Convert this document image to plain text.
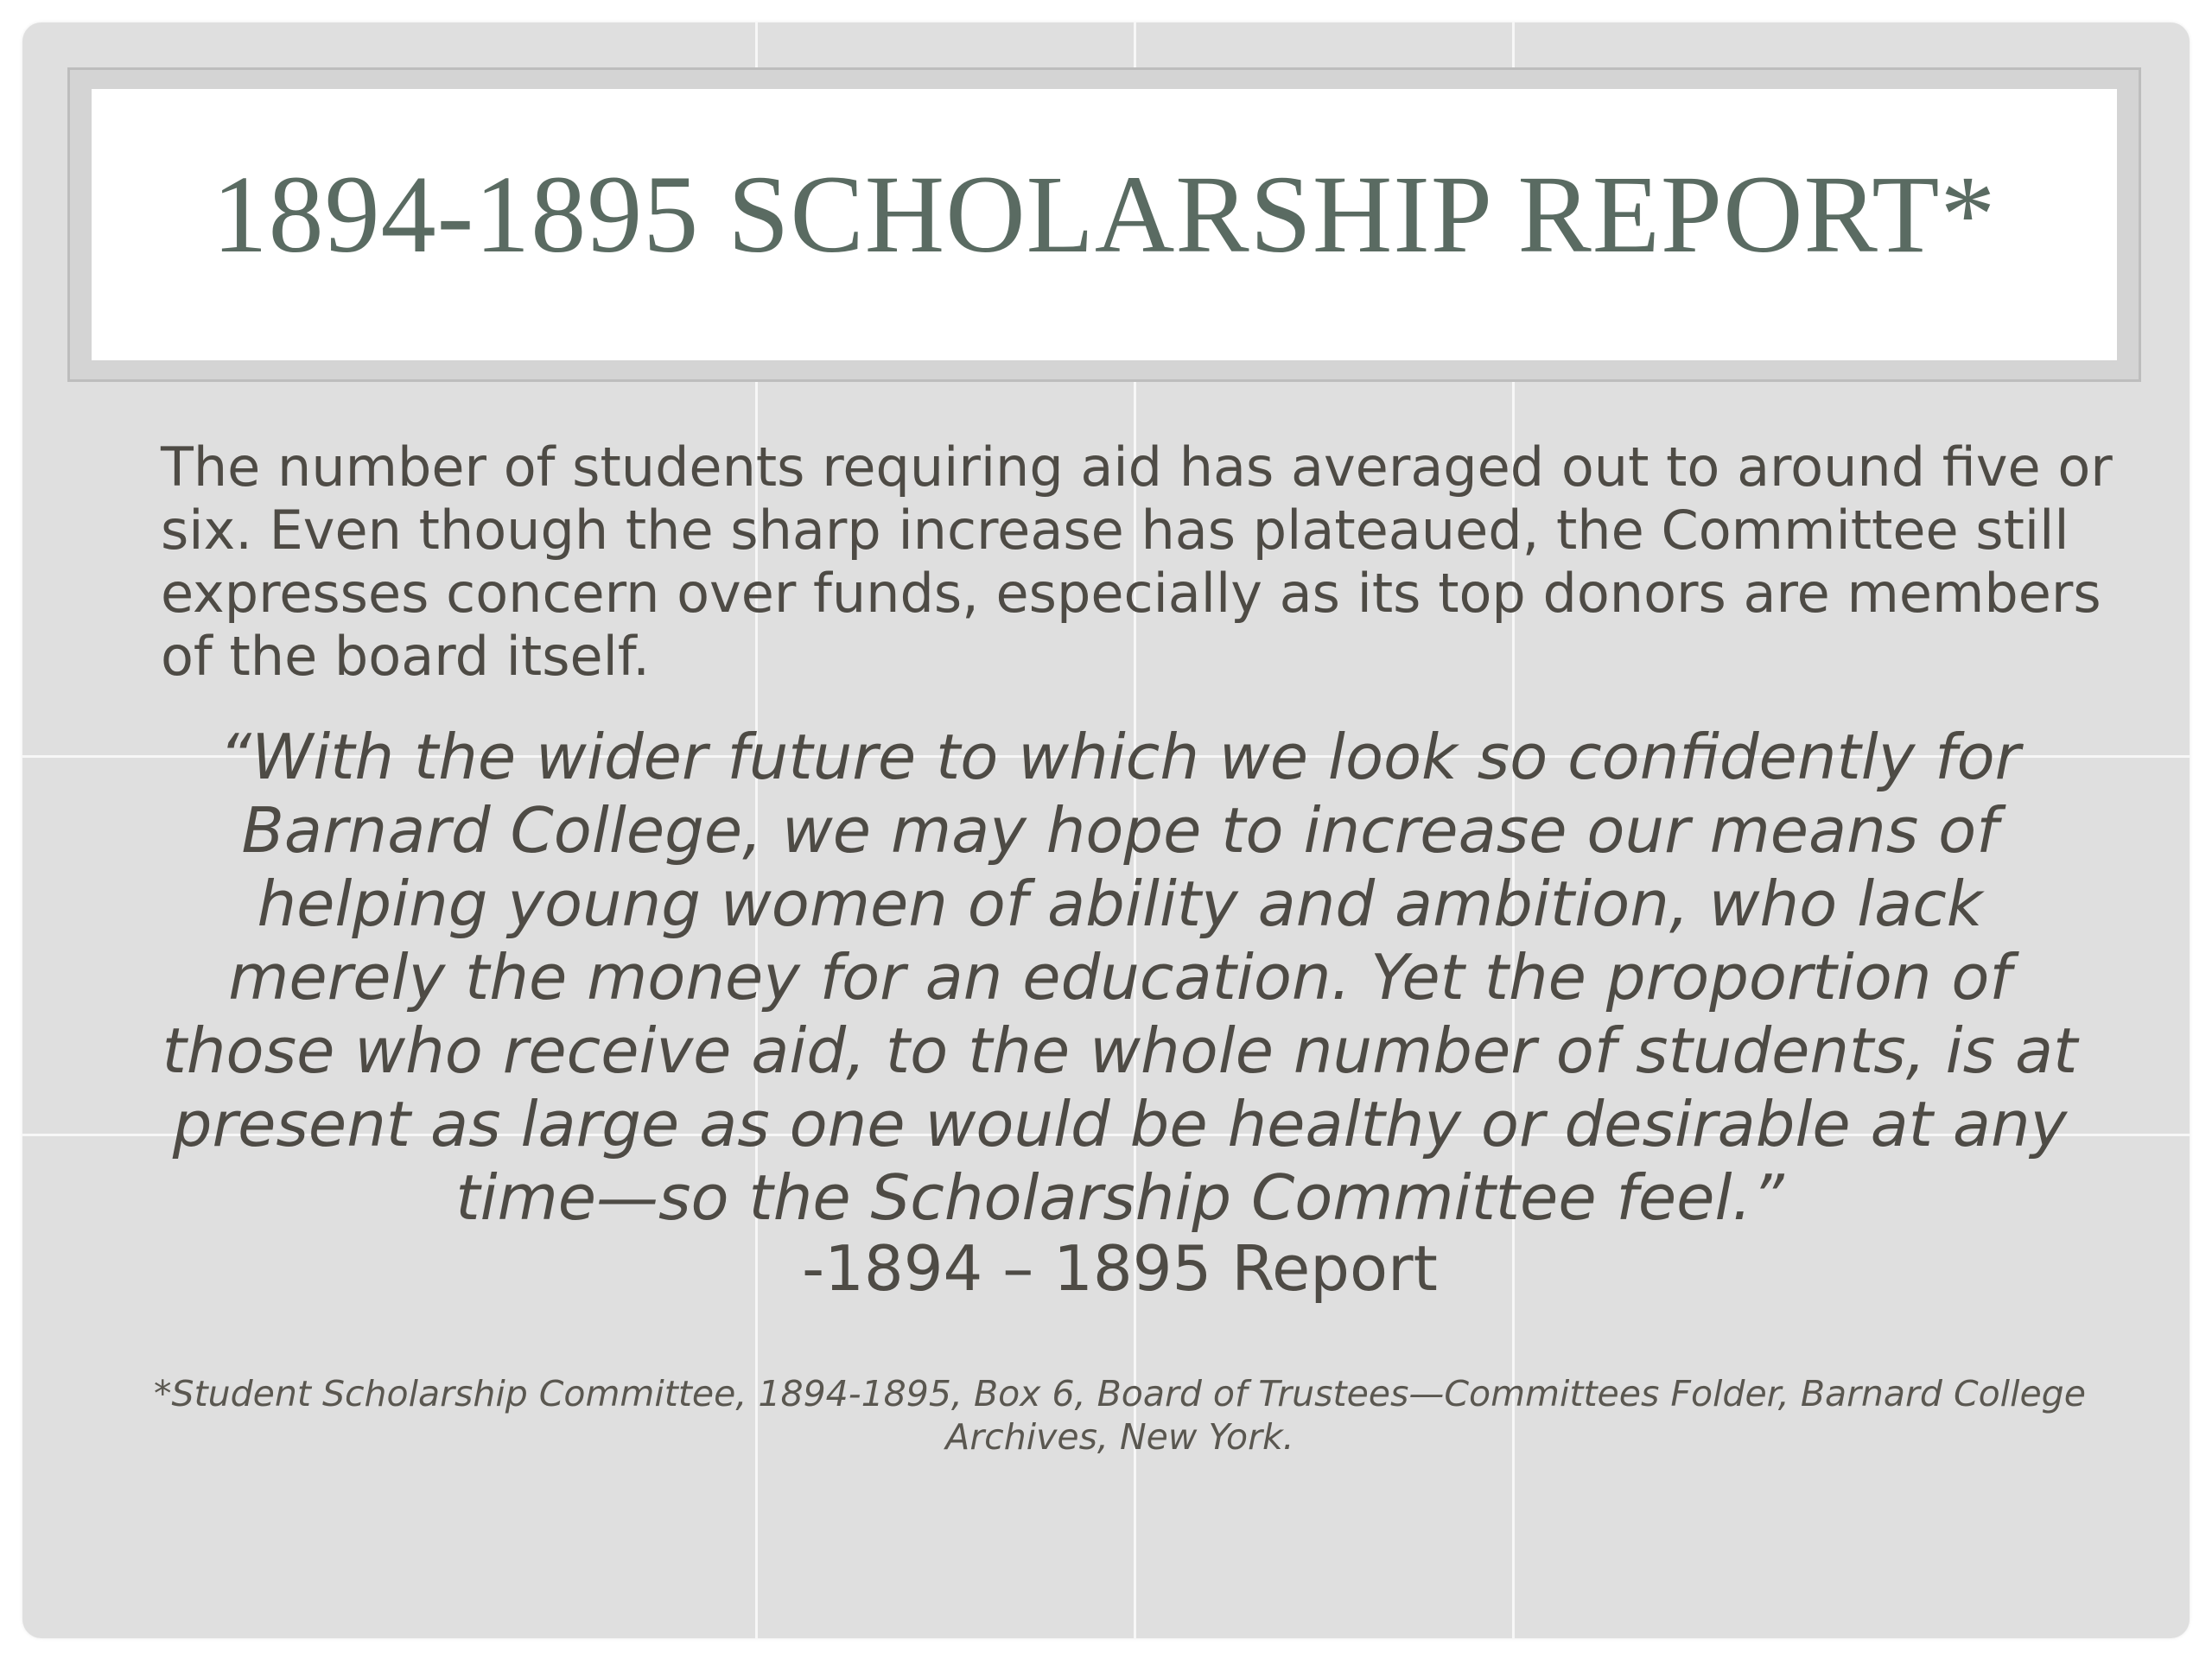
1894-1895 SCHOLARSHIP REPORT*

The number of students requiring aid has averaged out to around five or six. Even though the sharp increase has plateaued, the Committee still expresses concern over funds, especially as its top donors are members of the board itself.

“With the wider future to which we look so confidently for Barnard College, we may hope to increase our means of helping young women of ability and ambition, who lack merely the money for an education. Yet the proportion of those who receive aid, to the whole number of students, is at present as large as one would be healthy or desirable at any time—so the Scholarship Committee feel.”

-1894 – 1895 Report

*Student Scholarship Committee, 1894-1895, Box 6, Board of Trustees—Committees Folder, Barnard College Archives, New York.
